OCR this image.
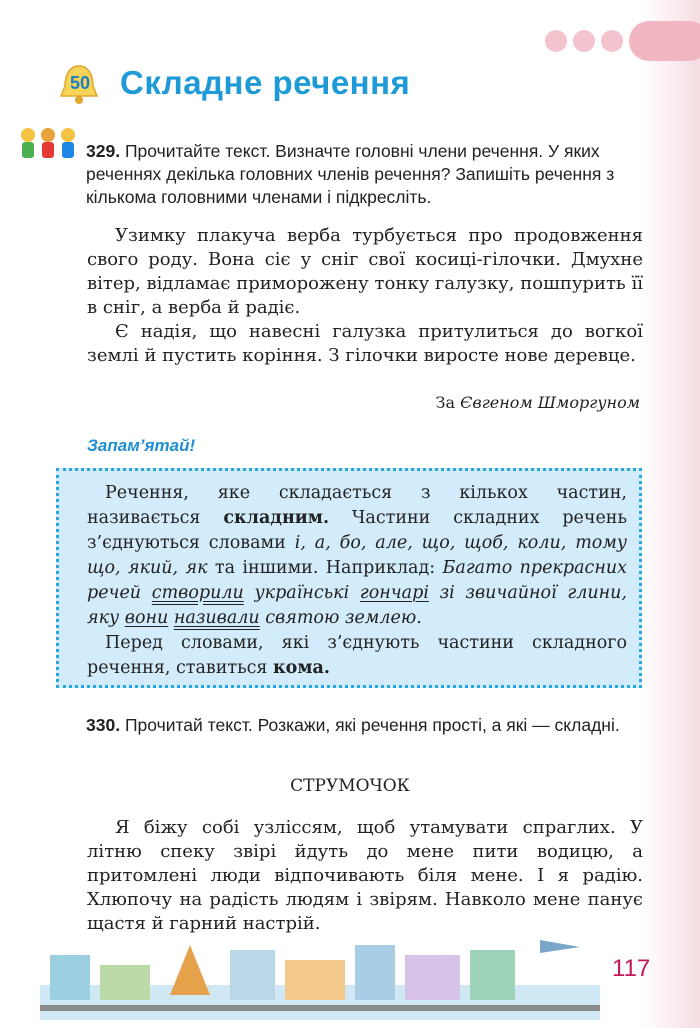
50 Складне речення

329. Прочитайте текст. Визначте головні члени речення. У яких реченнях декілька головних членів речення? Запишіть речення з кількома головними членами і підкресліть.

Узимку плакуча верба турбується про продовження свого роду. Вона сіє у сніг свої косиці-гілочки. Дмухне вітер, відламає приморожену тонку галузку, пошпурить її в сніг, а верба й радіє.

Є надія, що навесні галузка притулиться до вогкої землі й пустить коріння. З гілочки виросте нове деревце.

За Євгеном Шморгуном
Запам’ятай!

Речення, яке складається з кількох частин, називається складним. Частини складних речень з’єднуються словами і, а, бо, але, що, щоб, коли, тому що, який, як та іншими. Наприклад: Багато прекрасних речей створили українські гончарі зі звичайної глини, яку вони називали святою землею.

Перед словами, які з’єднують частини складного речення, ставиться кома.

330. Прочитай текст. Розкажи, які речення прості, а які — складні.

СТРУМОЧОК

Я біжу собі узліссям, щоб утамувати спраглих. У літню спеку звірі йдуть до мене пити водицю, а притомлені люди відпочивають біля мене. І я радію. Хлюпочу на радість людям і звірям. Навколо мене панує щастя й гарний настрій.

117
